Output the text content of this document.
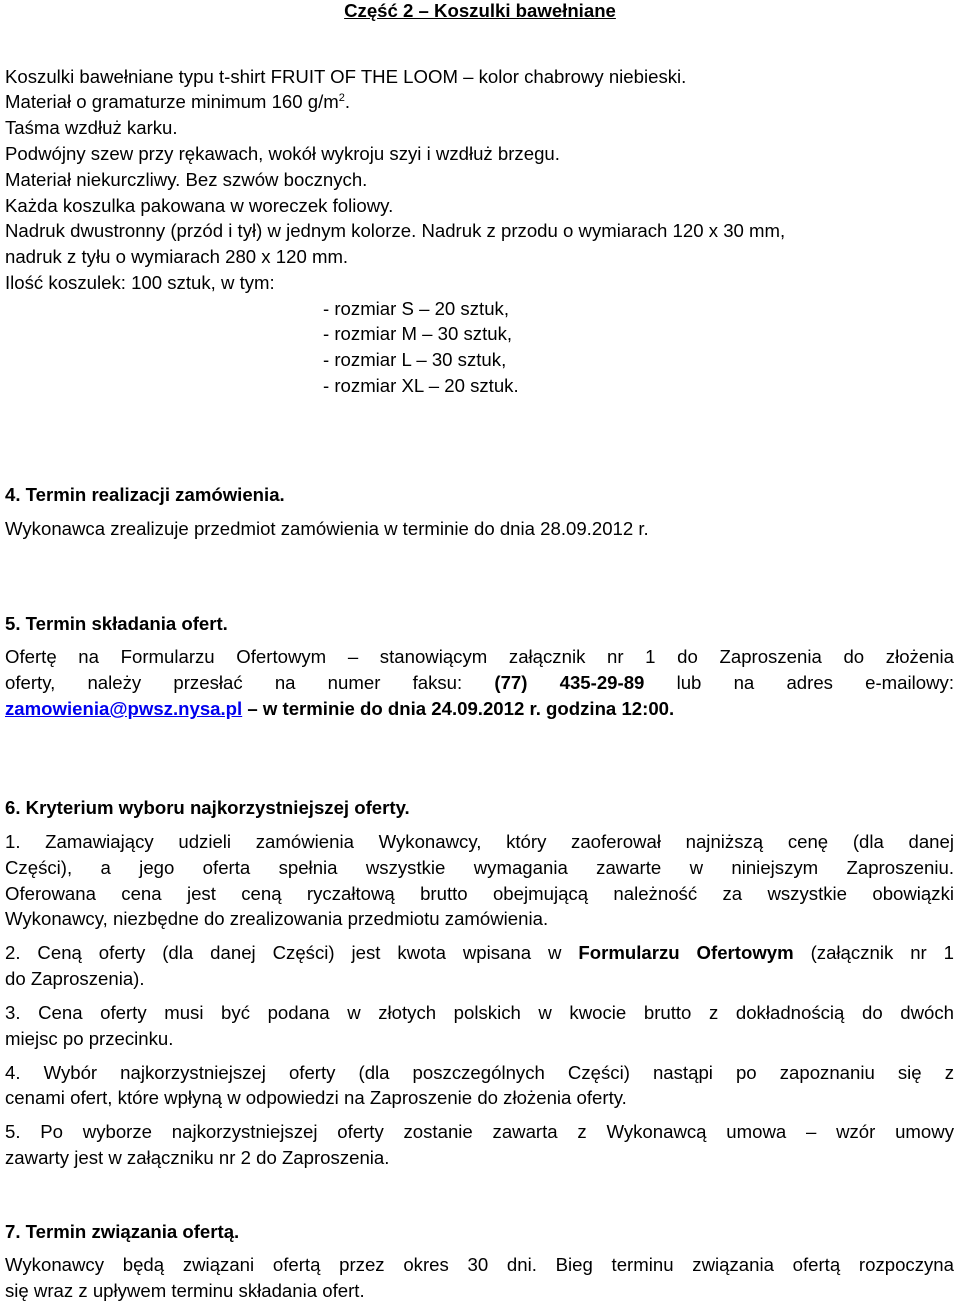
Część 2 – Koszulki bawełniane
Koszulki bawełniane typu t-shirt FRUIT OF THE LOOM – kolor chabrowy niebieski.
Materiał o gramaturze minimum 160 $g/m^2$.
Taśma wzdłuż karku.
Podwójny szew przy rękawach, wokół wykroju szyi i wzdłuż brzegu.
Materiał niekurczliwy. Bez szwów bocznych.
Każda koszulka pakowana w woreczek foliowy.
Nadruk dwustronny (przód i tył) w jednym kolorze. Nadruk z przodu o wymiarach 120 x 30 mm,
nadruk z tyłu o wymiarach 280 x 120 mm.
Ilość koszulek: 100 sztuk, w tym:
- rozmiar S – 20 sztuk,
- rozmiar M – 30 sztuk,
- rozmiar L – 30 sztuk,
- rozmiar XL – 20 sztuk.
4. Termin realizacji zamówienia.
Wykonawca zrealizuje przedmiot zamówienia w terminie do dnia 28.09.2012 r.
5. Termin składania ofert.
Ofertę na Formularzu Ofertowym – stanowiącym załącznik nr 1 do Zaproszenia do złożenia
oferty, należy przesłać na numer faksu: (77) 435-29-89 lub na adres e-mailowy:
zamowienia@pwsz.nysa.pl – w terminie do dnia 24.09.2012 r. godzina 12:00.
6. Kryterium wyboru najkorzystniejszej oferty.
1. Zamawiający udzieli zamówienia Wykonawcy, który zaoferował najniższą cenę (dla danej
Części), a jego oferta spełnia wszystkie wymagania zawarte w niniejszym Zaproszeniu.
Oferowana cena jest ceną ryczałtową brutto obejmującą należność za wszystkie obowiązki
Wykonawcy, niezbędne do zrealizowania przedmiotu zamówienia.
2. Ceną oferty (dla danej Części) jest kwota wpisana w Formularzu Ofertowym (załącznik nr 1
do Zaproszenia).
3. Cena oferty musi być podana w złotych polskich w kwocie brutto z dokładnością do dwóch
miejsc po przecinku.
4. Wybór najkorzystniejszej oferty (dla poszczególnych Części) nastąpi po zapoznaniu się z
cenami ofert, które wpłyną w odpowiedzi na Zaproszenie do złożenia oferty.
5. Po wyborze najkorzystniejszej oferty zostanie zawarta z Wykonawcą umowa – wzór umowy
zawarty jest w załączniku nr 2 do Zaproszenia.
7. Termin związania ofertą.
Wykonawcy będą związani ofertą przez okres 30 dni. Bieg terminu związania ofertą rozpoczyna
się wraz z upływem terminu składania ofert.
